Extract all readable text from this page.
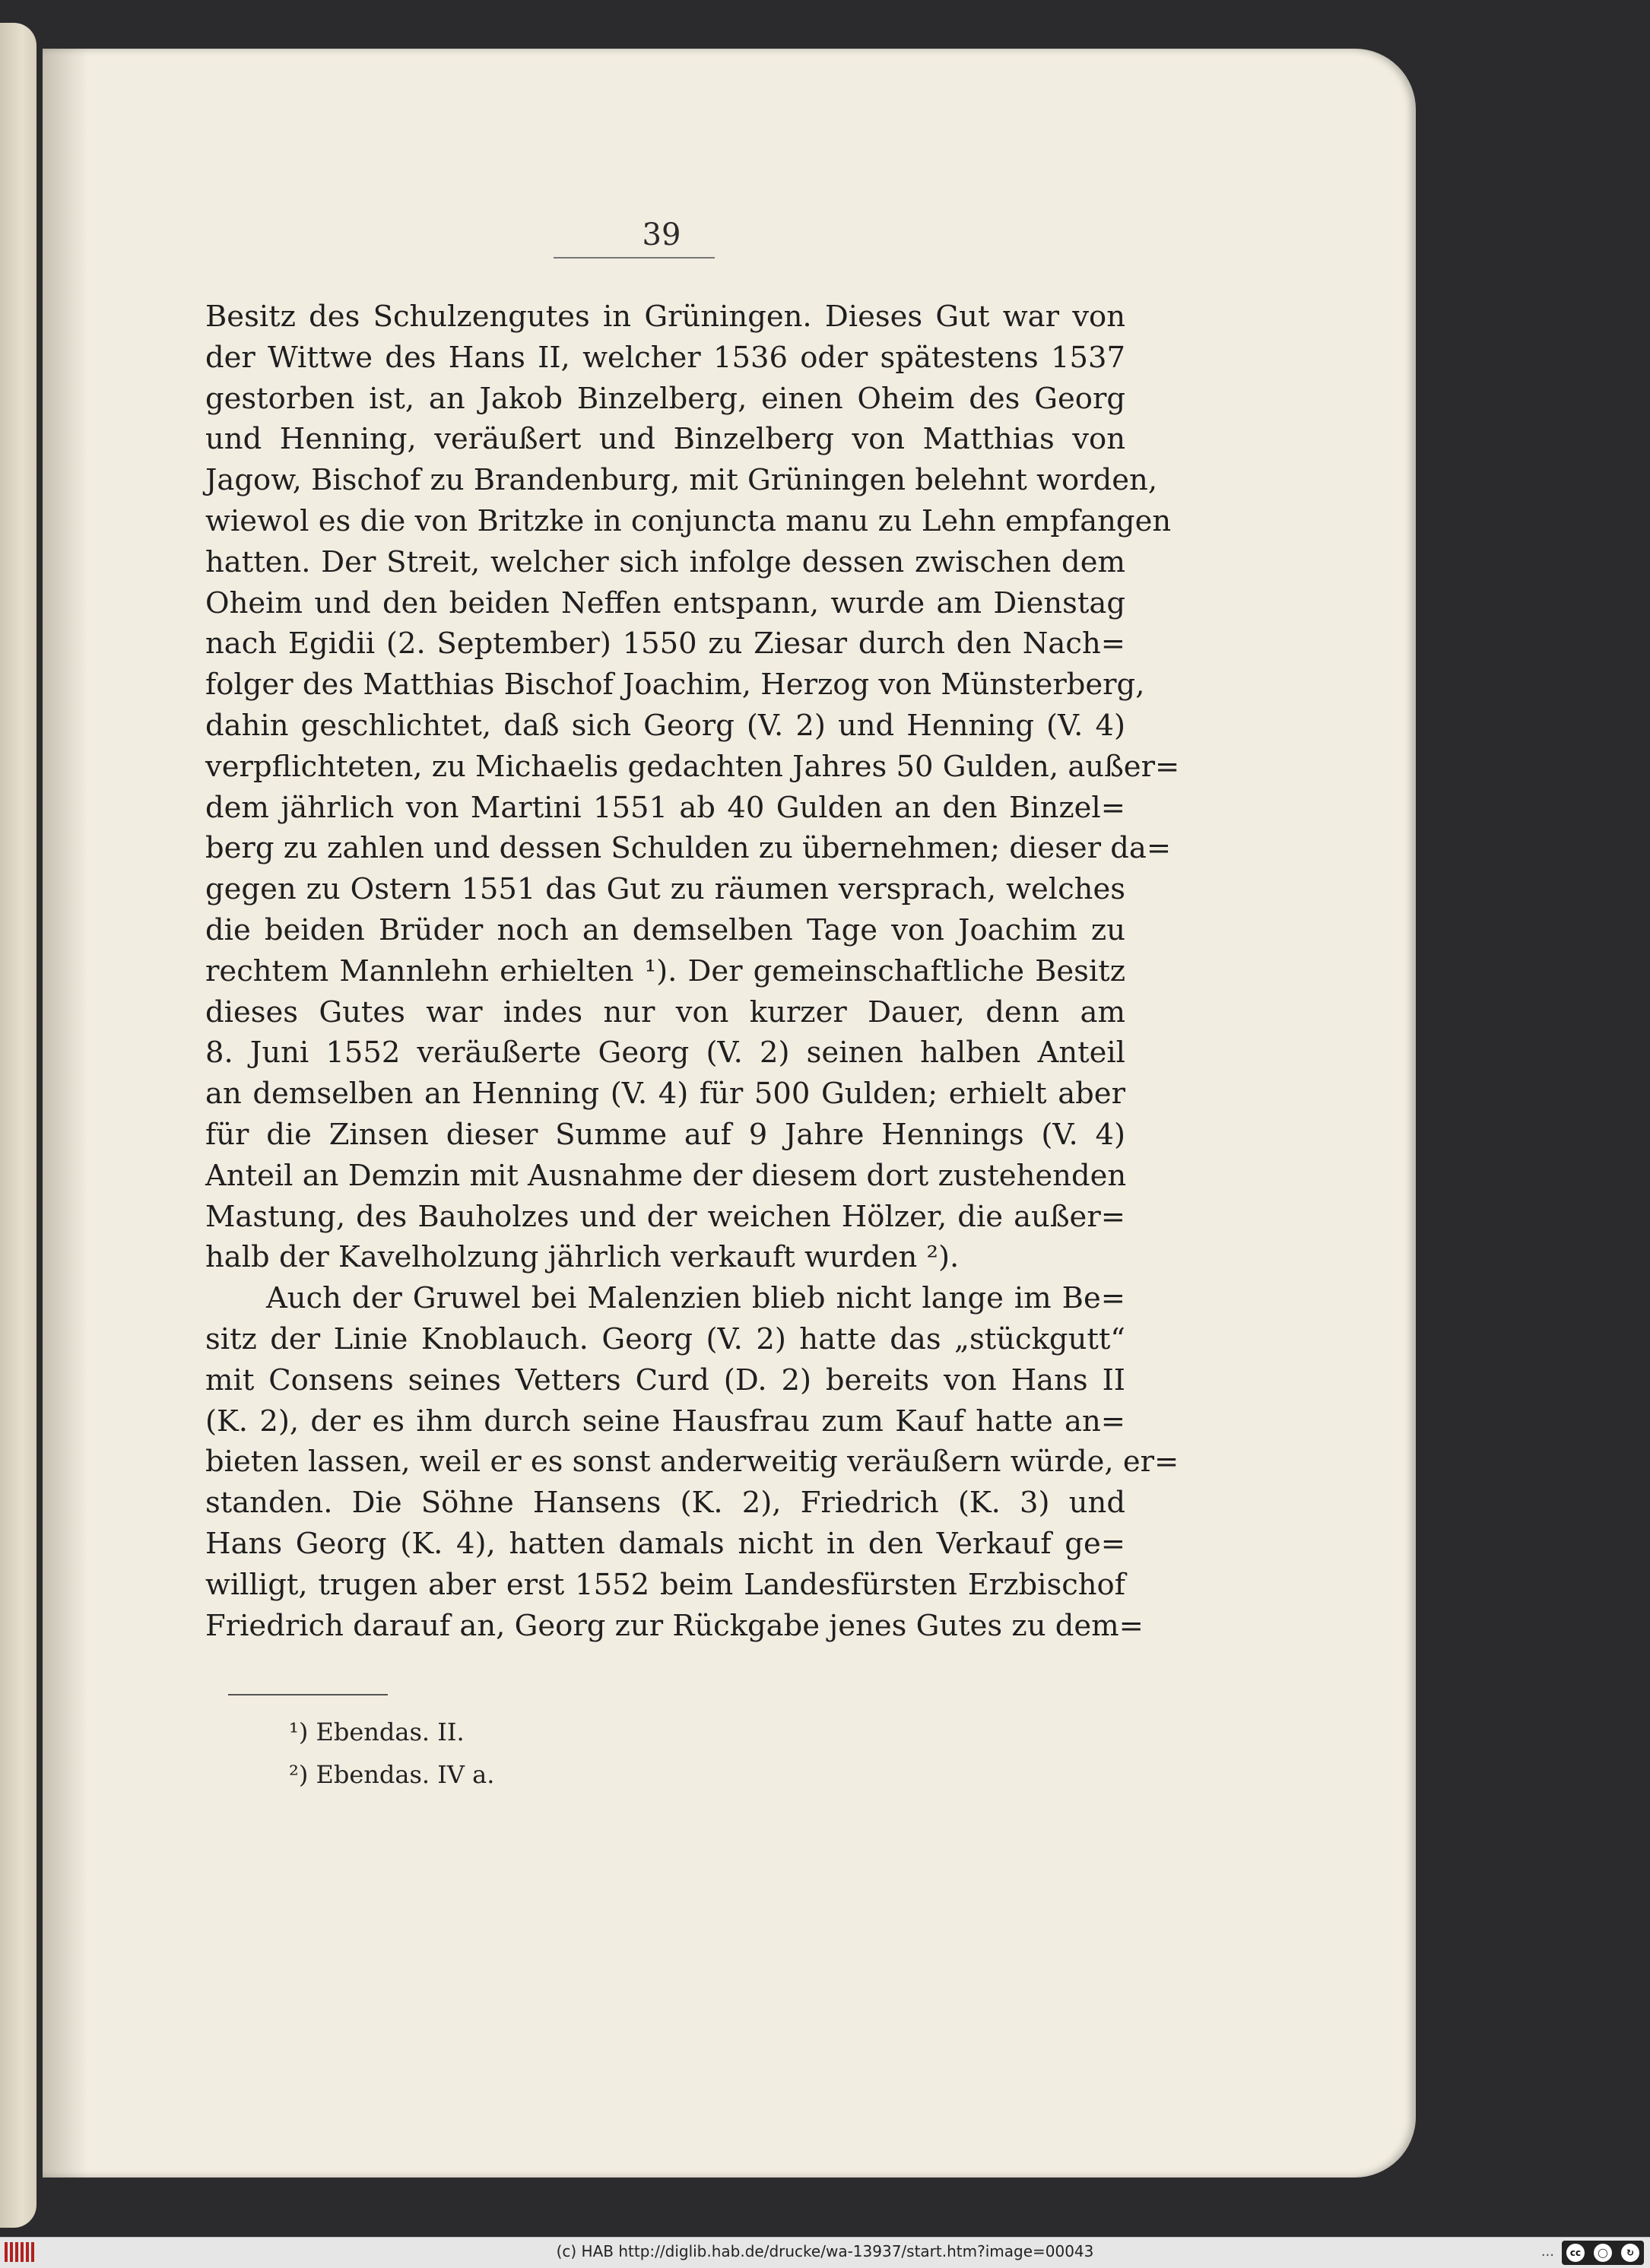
39
Besitz des Schulzengutes in Grüningen. Dieses Gut war von
der Wittwe des Hans II, welcher 1536 oder spätestens 1537
gestorben ist, an Jakob Binzelberg, einen Oheim des Georg
und Henning, veräußert und Binzelberg von Matthias von
Jagow, Bischof zu Brandenburg, mit Grüningen belehnt worden,
wiewol es die von Britzke in conjuncta manu zu Lehn empfangen
hatten. Der Streit, welcher sich infolge dessen zwischen dem
Oheim und den beiden Neffen entspann, wurde am Dienstag
nach Egidii (2. September) 1550 zu Ziesar durch den Nach=
folger des Matthias Bischof Joachim, Herzog von Münsterberg,
dahin geschlichtet, daß sich Georg (V. 2) und Henning (V. 4)
verpflichteten, zu Michaelis gedachten Jahres 50 Gulden, außer=
dem jährlich von Martini 1551 ab 40 Gulden an den Binzel=
berg zu zahlen und dessen Schulden zu übernehmen; dieser da=
gegen zu Ostern 1551 das Gut zu räumen versprach, welches
die beiden Brüder noch an demselben Tage von Joachim zu
rechtem Mannlehn erhielten ¹). Der gemeinschaftliche Besitz
dieses Gutes war indes nur von kurzer Dauer, denn am
8. Juni 1552 veräußerte Georg (V. 2) seinen halben Anteil
an demselben an Henning (V. 4) für 500 Gulden; erhielt aber
für die Zinsen dieser Summe auf 9 Jahre Hennings (V. 4)
Anteil an Demzin mit Ausnahme der diesem dort zustehenden
Mastung, des Bauholzes und der weichen Hölzer, die außer=
halb der Kavelholzung jährlich verkauft wurden ²).
Auch der Gruwel bei Malenzien blieb nicht lange im Be=
sitz der Linie Knoblauch. Georg (V. 2) hatte das „stückgutt“
mit Consens seines Vetters Curd (D. 2) bereits von Hans II
(K. 2), der es ihm durch seine Hausfrau zum Kauf hatte an=
bieten lassen, weil er es sonst anderweitig veräußern würde, er=
standen. Die Söhne Hansens (K. 2), Friedrich (K. 3) und
Hans Georg (K. 4), hatten damals nicht in den Verkauf ge=
willigt, trugen aber erst 1552 beim Landesfürsten Erzbischof
Friedrich darauf an, Georg zur Rückgabe jenes Gutes zu dem=
¹) Ebendas. II.
²) Ebendas. IV a.
(c) HAB http://diglib.hab.de/drucke/wa-13937/start.htm?image=00043	...	cc	◯	↻
